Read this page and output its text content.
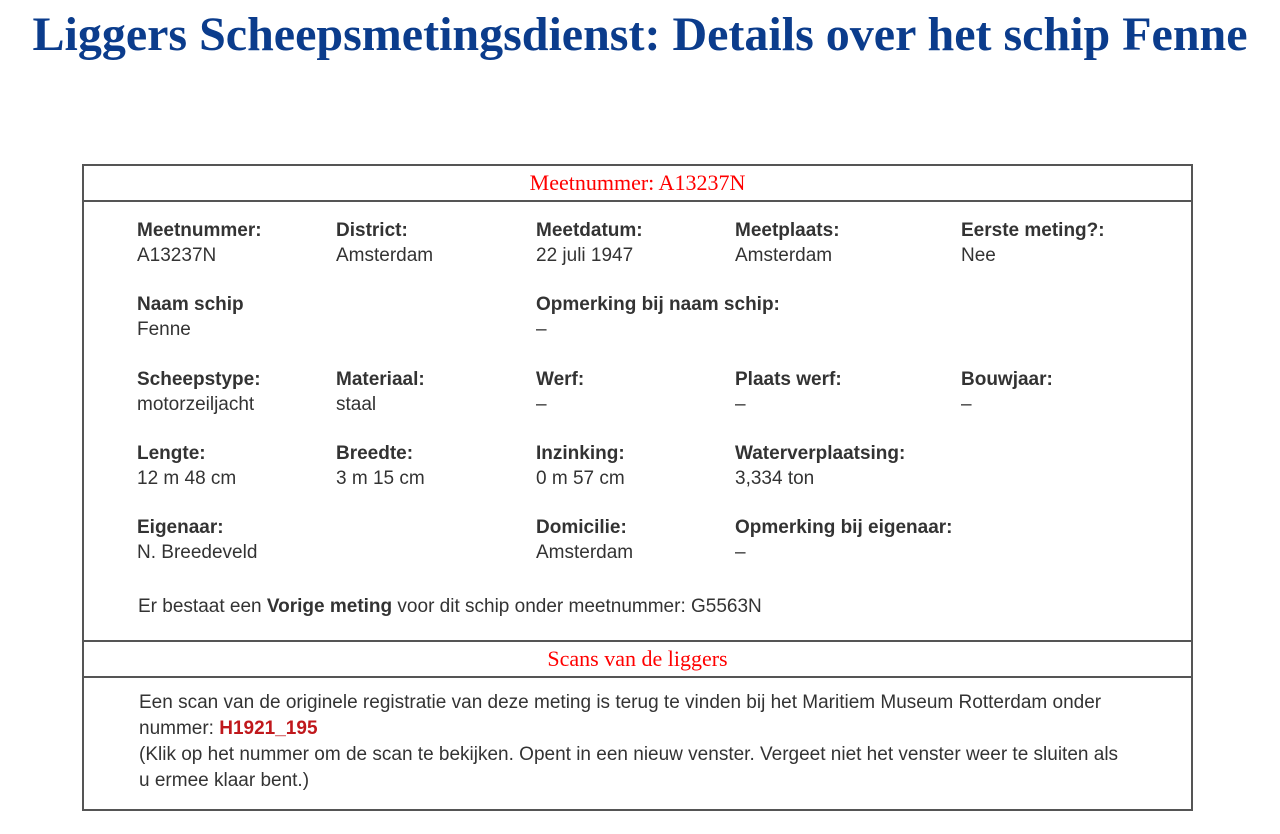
Liggers Scheepsmetingsdienst: Details over het schip Fenne
Meetnummer: A13237N
Meetnummer:
A13237N
District:
Amsterdam
Meetdatum:
22 juli 1947
Meetplaats:
Amsterdam
Eerste meting?:
Nee
Naam schip
Fenne
Opmerking bij naam schip:
–
Scheepstype:
motorzeiljacht
Materiaal:
staal
Werf:
–
Plaats werf:
–
Bouwjaar:
–
Lengte:
12 m 48 cm
Breedte:
3 m 15 cm
Inzinking:
0 m 57 cm
Waterverplaatsing:
3,334 ton
Eigenaar:
N. Breedeveld
Domicilie:
Amsterdam
Opmerking bij eigenaar:
–
Er bestaat een Vorige meting voor dit schip onder meetnummer: G5563N
Scans van de liggers
Een scan van de originele registratie van deze meting is terug te vinden bij het Maritiem Museum Rotterdam onder nummer: H1921_195
(Klik op het nummer om de scan te bekijken. Opent in een nieuw venster. Vergeet niet het venster weer te sluiten als u ermee klaar bent.)
